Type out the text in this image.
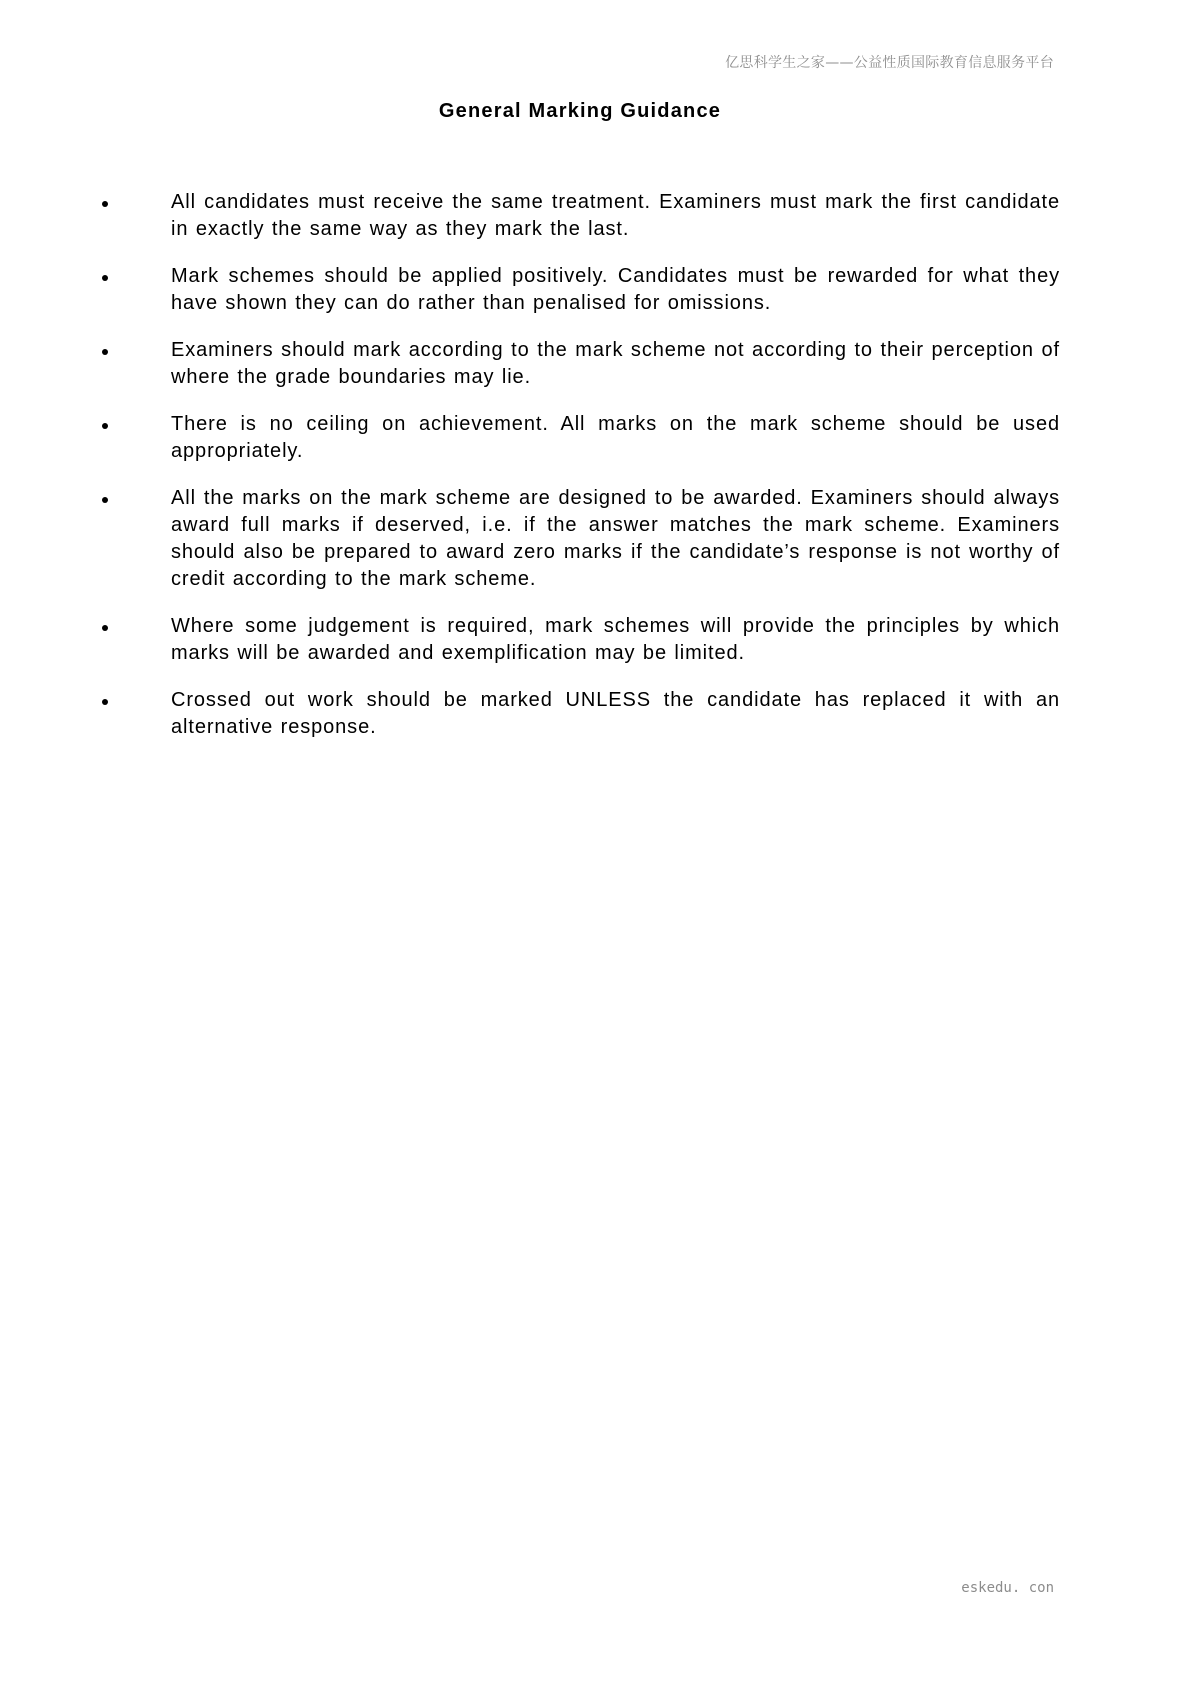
亿思科学生之家——公益性质国际教育信息服务平台
General Marking Guidance
All candidates must receive the same treatment. Examiners must mark the first candidate in exactly the same way as they mark the last.
Mark schemes should be applied positively. Candidates must be rewarded for what they have shown they can do rather than penalised for omissions.
Examiners should mark according to the mark scheme not according to their perception of where the grade boundaries may lie.
There is no ceiling on achievement. All marks on the mark scheme should be used appropriately.
All the marks on the mark scheme are designed to be awarded. Examiners should always award full marks if deserved, i.e. if the answer matches the mark scheme. Examiners should also be prepared to award zero marks if the candidate’s response is not worthy of credit according to the mark scheme.
Where some judgement is required, mark schemes will provide the principles by which marks will be awarded and exemplification may be limited.
Crossed out work should be marked UNLESS the candidate has replaced it with an alternative response.
eskedu. con
